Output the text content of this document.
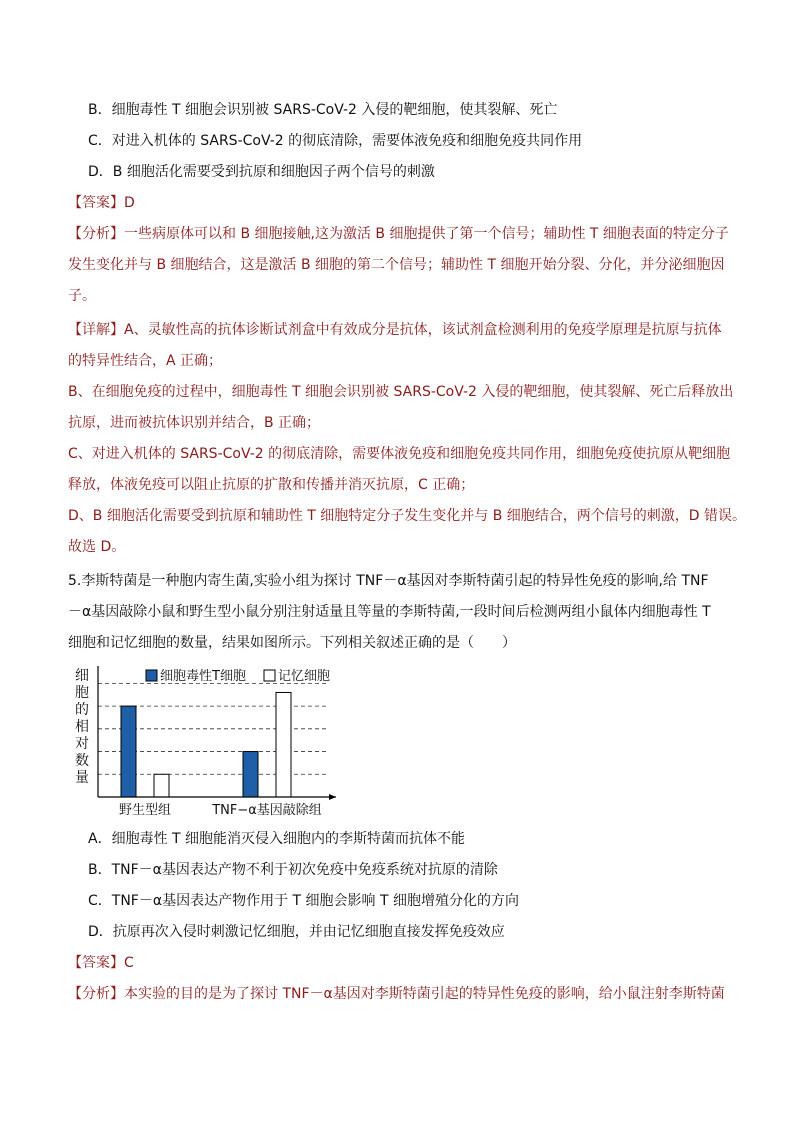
B．细胞毒性 T 细胞会识别被 SARS-CoV-2 入侵的靶细胞，使其裂解、死亡
C．对进入机体的 SARS-CoV-2 的彻底清除，需要体液免疫和细胞免疫共同作用
D．B 细胞活化需要受到抗原和细胞因子两个信号的刺激
【答案】D
【分析】一些病原体可以和 B 细胞接触,这为激活 B 细胞提供了第一个信号；辅助性 T 细胞表面的特定分子
发生变化并与 B 细胞结合，这是激活 B 细胞的第二个信号；辅助性 T 细胞开始分裂、分化，并分泌细胞因
子。
【详解】A、灵敏性高的抗体诊断试剂盒中有效成分是抗体，该试剂盒检测利用的免疫学原理是抗原与抗体
的特异性结合，A 正确；
B、在细胞免疫的过程中，细胞毒性 T 细胞会识别被 SARS-CoV-2 入侵的靶细胞，使其裂解、死亡后释放出
抗原，进而被抗体识别并结合，B 正确；
C、对进入机体的 SARS-CoV-2 的彻底清除，需要体液免疫和细胞免疫共同作用，细胞免疫使抗原从靶细胞
释放，体液免疫可以阻止抗原的扩散和传播并消灭抗原，C 正确；
D、B 细胞活化需要受到抗原和辅助性 T 细胞特定分子发生变化并与 B 细胞结合，两个信号的刺激，D 错误。
故选 D。
5.李斯特菌是一种胞内寄生菌,实验小组为探讨 TNF－α基因对李斯特菌引起的特异性免疫的影响,给 TNF
－α基因敲除小鼠和野生型小鼠分别注射适量且等量的李斯特菌,一段时间后检测两组小鼠体内细胞毒性 T
细胞和记忆细胞的数量，结果如图所示。下列相关叙述正确的是（　　）
细
胞
的
相
对
数
量
细胞毒性T细胞 记忆细胞
野生型组	TNF−α基因敲除组
A．细胞毒性 T 细胞能消灭侵入细胞内的李斯特菌而抗体不能
B．TNF－α基因表达产物不利于初次免疫中免疫系统对抗原的清除
C．TNF－α基因表达产物作用于 T 细胞会影响 T 细胞增殖分化的方向
D．抗原再次入侵时刺激记忆细胞，并由记忆细胞直接发挥免疫效应
【答案】C
【分析】本实验的目的是为了探讨 TNF－α基因对李斯特菌引起的特异性免疫的影响，给小鼠注射李斯特菌
